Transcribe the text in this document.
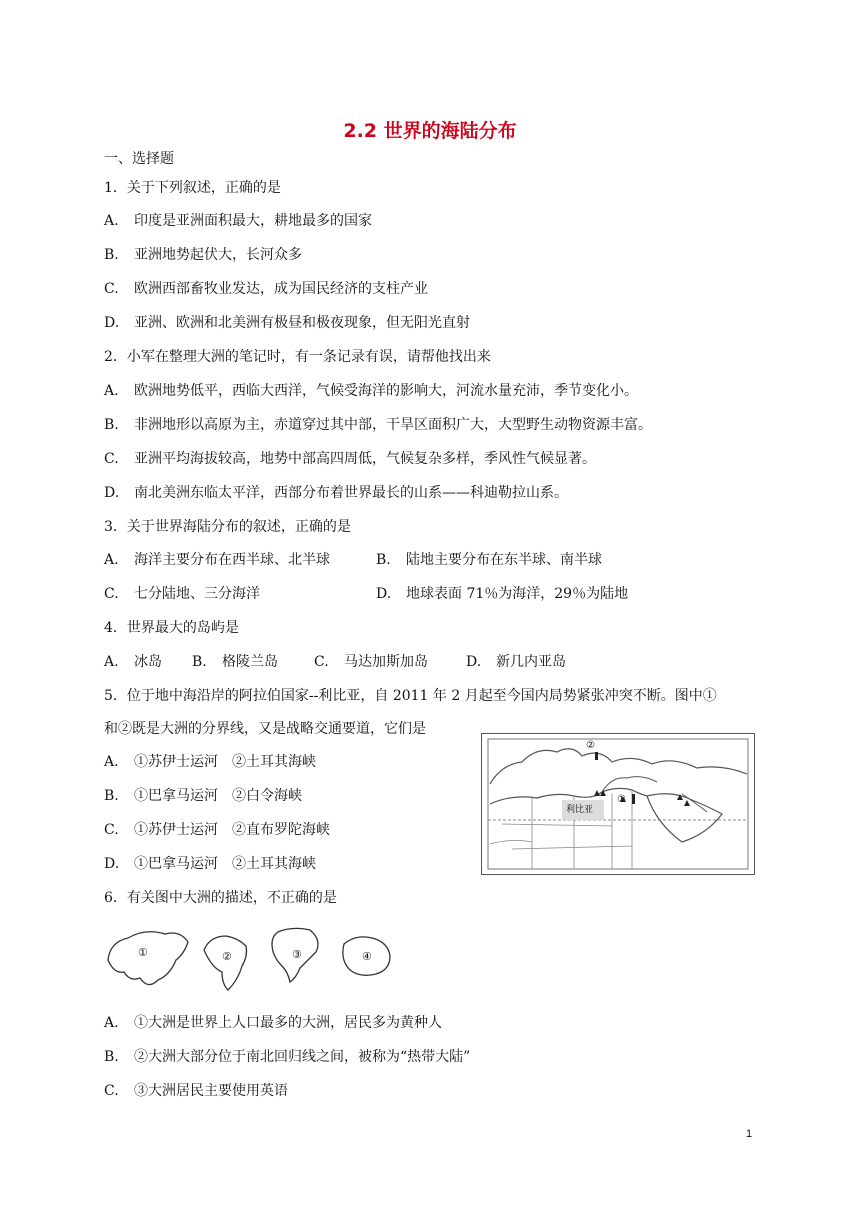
2.2 世界的海陆分布
一、选择题
1．关于下列叙述，正确的是
A. 印度是亚洲面积最大，耕地最多的国家
B. 亚洲地势起伏大，长河众多
C. 欧洲西部畜牧业发达，成为国民经济的支柱产业
D. 亚洲、欧洲和北美洲有极昼和极夜现象，但无阳光直射
2．小军在整理大洲的笔记时，有一条记录有误，请帮他找出来
A. 欧洲地势低平，西临大西洋，气候受海洋的影响大，河流水量充沛，季节变化小。
B. 非洲地形以高原为主，赤道穿过其中部，干旱区面积广大，大型野生动物资源丰富。
C. 亚洲平均海拔较高，地势中部高四周低，气候复杂多样，季风性气候显著。
D. 南北美洲东临太平洋，西部分布着世界最长的山系——科迪勒拉山系。
3．关于世界海陆分布的叙述，正确的是
A. 海洋主要分布在西半球、北半球	B. 陆地主要分布在东半球、南半球
C. 七分陆地、三分海洋	D. 地球表面 71％为海洋，29％为陆地
4．世界最大的岛屿是
A. 冰岛 B. 格陵兰岛	C. 马达加斯加岛	D. 新几内亚岛
5．位于地中海沿岸的阿拉伯国家--利比亚，自 2011 年 2 月起至今国内局势紧张冲突不断。图中①
和②既是大洲的分界线，又是战略交通要道，它们是
A. ①苏伊士运河　②土耳其海峡
B. ①巴拿马运河　②白令海峡
C. ①苏伊士运河　②直布罗陀海峡
D. ①巴拿马运河　②土耳其海峡
利比亚
①
②
6．有关图中大洲的描述，不正确的是
①	②	③	④
A. ①大洲是世界上人口最多的大洲，居民多为黄种人
B. ②大洲大部分位于南北回归线之间，被称为“热带大陆”
C. ③大洲居民主要使用英语
1
